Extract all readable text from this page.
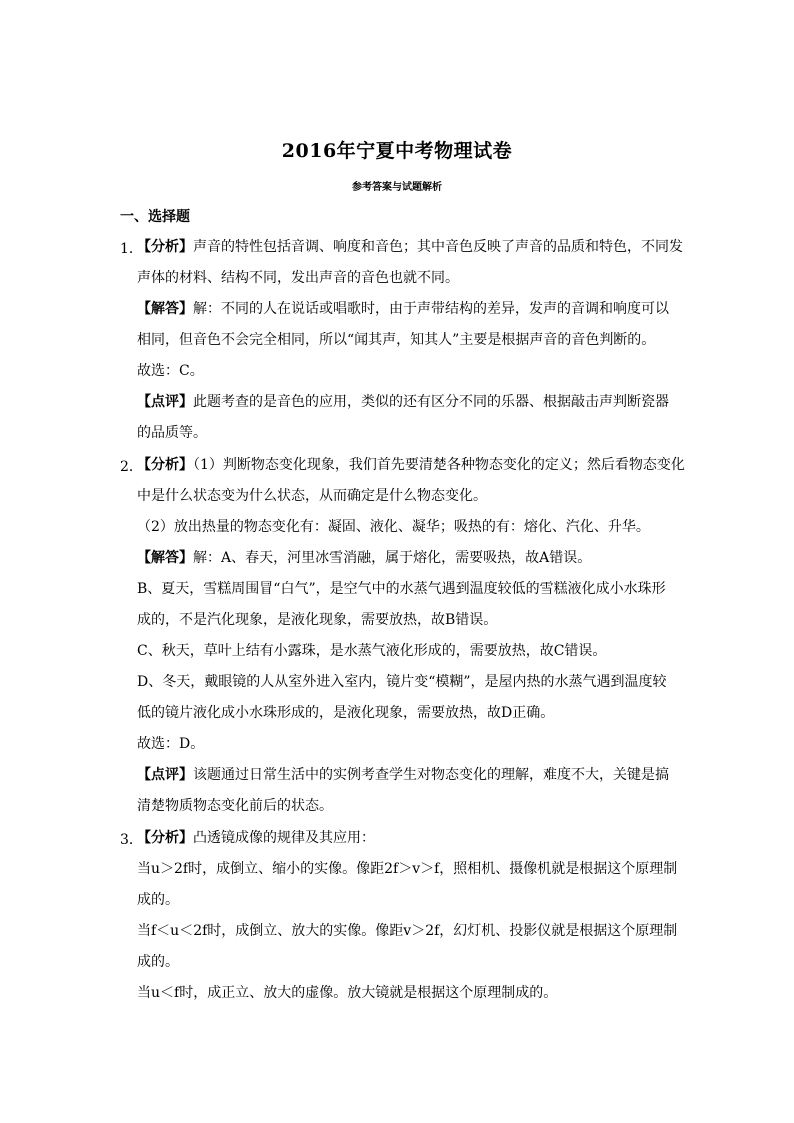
2016年宁夏中考物理试卷
参考答案与试题解析
一、选择题
1．
【分析】声音的特性包括音调、响度和音色；其中音色反映了声音的品质和特色，不同发
声体的材料、结构不同，发出声音的音色也就不同。
【解答】解：不同的人在说话或唱歌时，由于声带结构的差异，发声的音调和响度可以
相同，但音色不会完全相同，所以“闻其声，知其人”主要是根据声音的音色判断的。
故选：C。
【点评】此题考查的是音色的应用，类似的还有区分不同的乐器、根据敲击声判断瓷器
的品质等。
2．
【分析】（1）判断物态变化现象，我们首先要清楚各种物态变化的定义；然后看物态变化
中是什么状态变为什么状态，从而确定是什么物态变化。
（2）放出热量的物态变化有：凝固、液化、凝华；吸热的有：熔化、汽化、升华。
【解答】解：A、春天，河里冰雪消融，属于熔化，需要吸热，故A错误。
B、夏天，雪糕周围冒“白气”，是空气中的水蒸气遇到温度较低的雪糕液化成小水珠形
成的，不是汽化现象，是液化现象，需要放热，故B错误。
C、秋天，草叶上结有小露珠，是水蒸气液化形成的，需要放热，故C错误。
D、冬天，戴眼镜的人从室外进入室内，镜片变“模糊”，是屋内热的水蒸气遇到温度较
低的镜片液化成小水珠形成的，是液化现象，需要放热，故D正确。
故选：D。
【点评】该题通过日常生活中的实例考查学生对物态变化的理解，难度不大，关键是搞
清楚物质物态变化前后的状态。
3．
【分析】凸透镜成像的规律及其应用：
当u＞2f时，成倒立、缩小的实像。像距2f＞v＞f，照相机、摄像机就是根据这个原理制
成的。
当f＜u＜2f时，成倒立、放大的实像。像距v＞2f，幻灯机、投影仪就是根据这个原理制
成的。
当u＜f时，成正立、放大的虚像。放大镜就是根据这个原理制成的。
